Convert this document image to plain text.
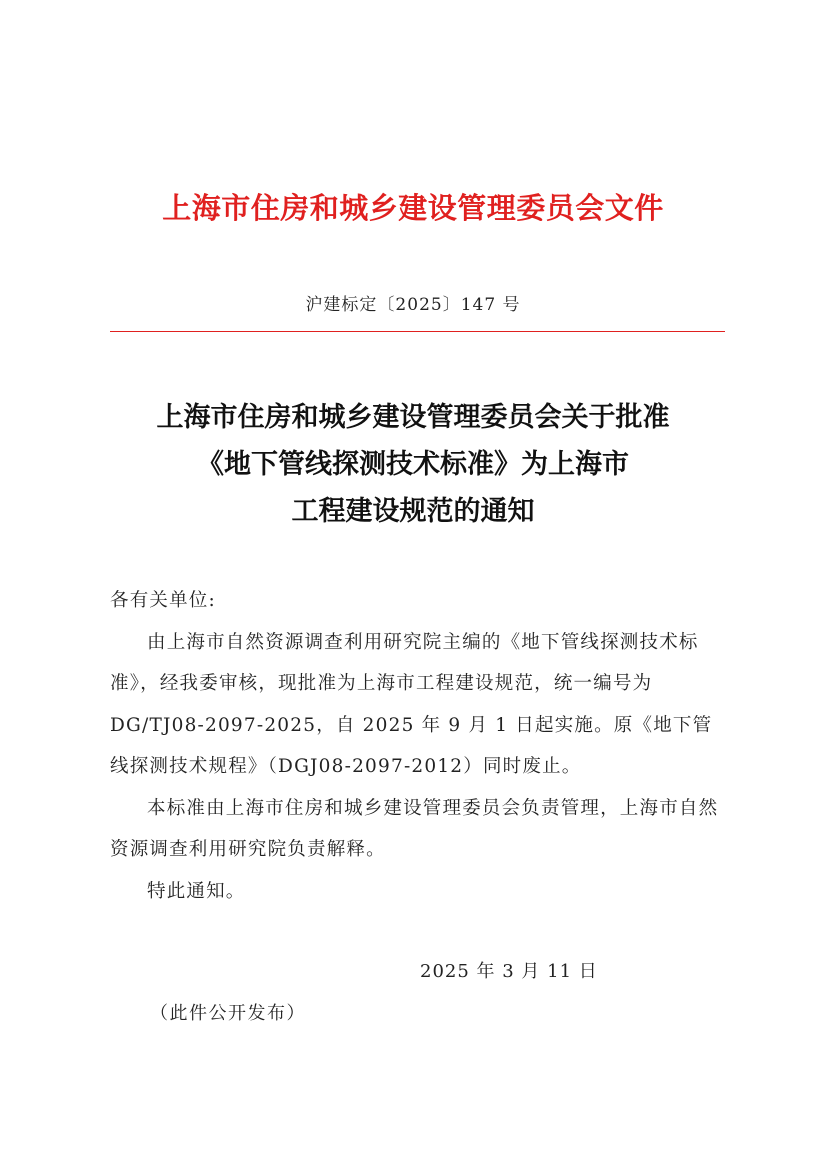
上海市住房和城乡建设管理委员会文件
沪建标定〔2025〕147 号
上海市住房和城乡建设管理委员会关于批准
《地下管线探测技术标准》为上海市
工程建设规范的通知

各有关单位:

由上海市自然资源调查利用研究院主编的《地下管线探测技术标准》，经我委审核，现批准为上海市工程建设规范，统一编号为 DG/TJ08-2097-2025，自 2025 年 9 月 1 日起实施。原《地下管线探测技术规程》（DGJ08-2097-2012）同时废止。

本标准由上海市住房和城乡建设管理委员会负责管理，上海市自然资源调查利用研究院负责解释。

特此通知。

2025 年 3 月 11 日
（此件公开发布）
